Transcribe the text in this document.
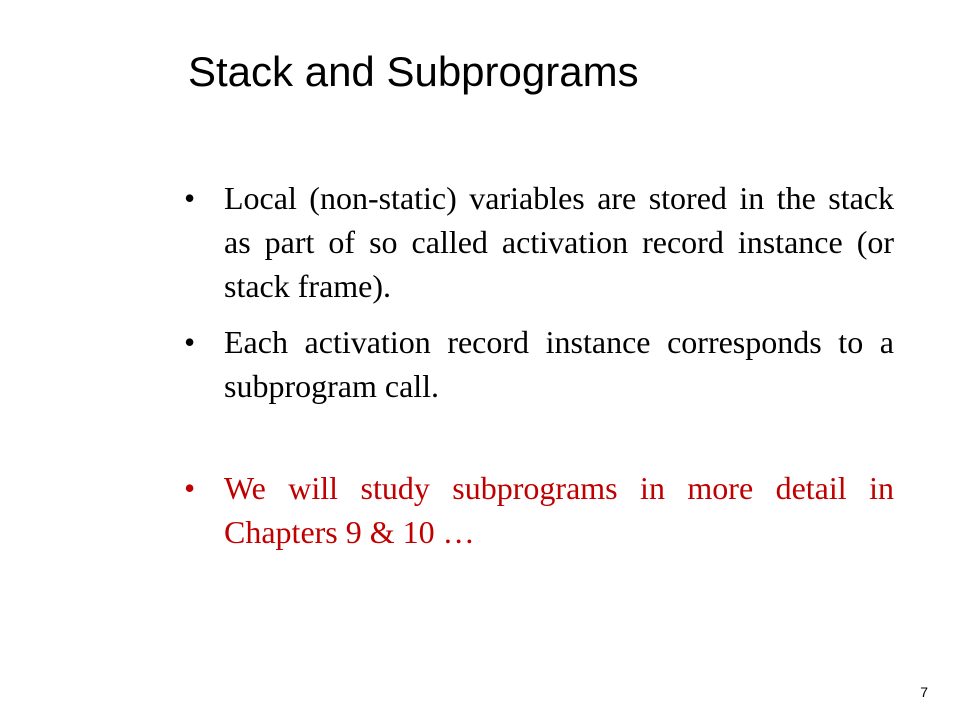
Stack and Subprograms
• Local (non-static) variables are stored in the stack as part of so called activation record instance (or stack frame).
• Each activation record instance corresponds to a subprogram call.
• We will study subprograms in more detail in Chapters 9 & 10 …
7
